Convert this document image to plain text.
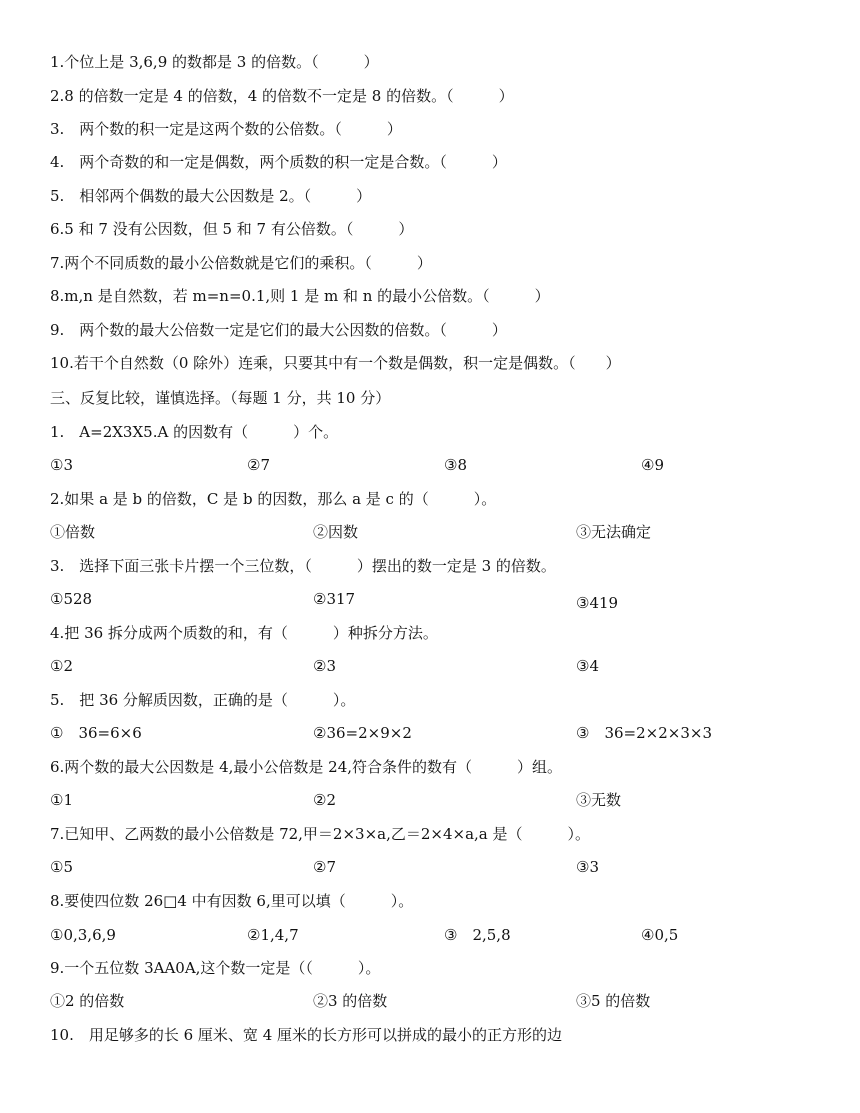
1.个位上是 3,6,9 的数都是 3 的倍数。（　　　）
2.8 的倍数一定是 4 的倍数，4 的倍数不一定是 8 的倍数。（　　　）
3.　两个数的积一定是这两个数的公倍数。（　　　）
4.　两个奇数的和一定是偶数，两个质数的积一定是合数。（　　　）
5.　相邻两个偶数的最大公因数是 2。（　　　）
6.5 和 7 没有公因数，但 5 和 7 有公倍数。（　　　）
7.两个不同质数的最小公倍数就是它们的乘积。（　　　）
8.m,n 是自然数，若 m=n=0.1,则 1 是 m 和 n 的最小公倍数。（　　　）
9.　两个数的最大公倍数一定是它们的最大公因数的倍数。（　　　）
10.若干个自然数（0 除外）连乘，只要其中有一个数是偶数，积一定是偶数。（　　）
三、反复比较，谨慎选择。（每题 1 分，共 10 分）
1.　A=2X3X5.A 的因数有（　　　）个。
①3	②7	③8	④9
2.如果 a 是 b 的倍数，C 是 b 的因数，那么 a 是 c 的（　　　）。
①倍数	②因数	③无法确定
3.　选择下面三张卡片摆一个三位数，（　　　）摆出的数一定是 3 的倍数。
①528	②317	③419
4.把 36 拆分成两个质数的和，有（　　　）种拆分方法。
①2	②3	③4
5.　把 36 分解质因数，正确的是（　　　）。
①　36=6×6	②36=2×9×2	③　36=2×2×3×3
6.两个数的最大公因数是 4,最小公倍数是 24,符合条件的数有（　　　）组。
①1	②2	③无数
7.已知甲、乙两数的最小公倍数是 72,甲＝2×3×a,乙＝2×4×a,a 是（　　　）。
①5	②7	③3
8.要使四位数 26□4 中有因数 6,里可以填（　　　）。
①0,3,6,9	②1,4,7	③　2,5,8	④0,5
9.一个五位数 3AA0A,这个数一定是（（　　　）。
①2 的倍数	②3 的倍数	③5 的倍数
10.　用足够多的长 6 厘米、宽 4 厘米的长方形可以拼成的最小的正方形的边
